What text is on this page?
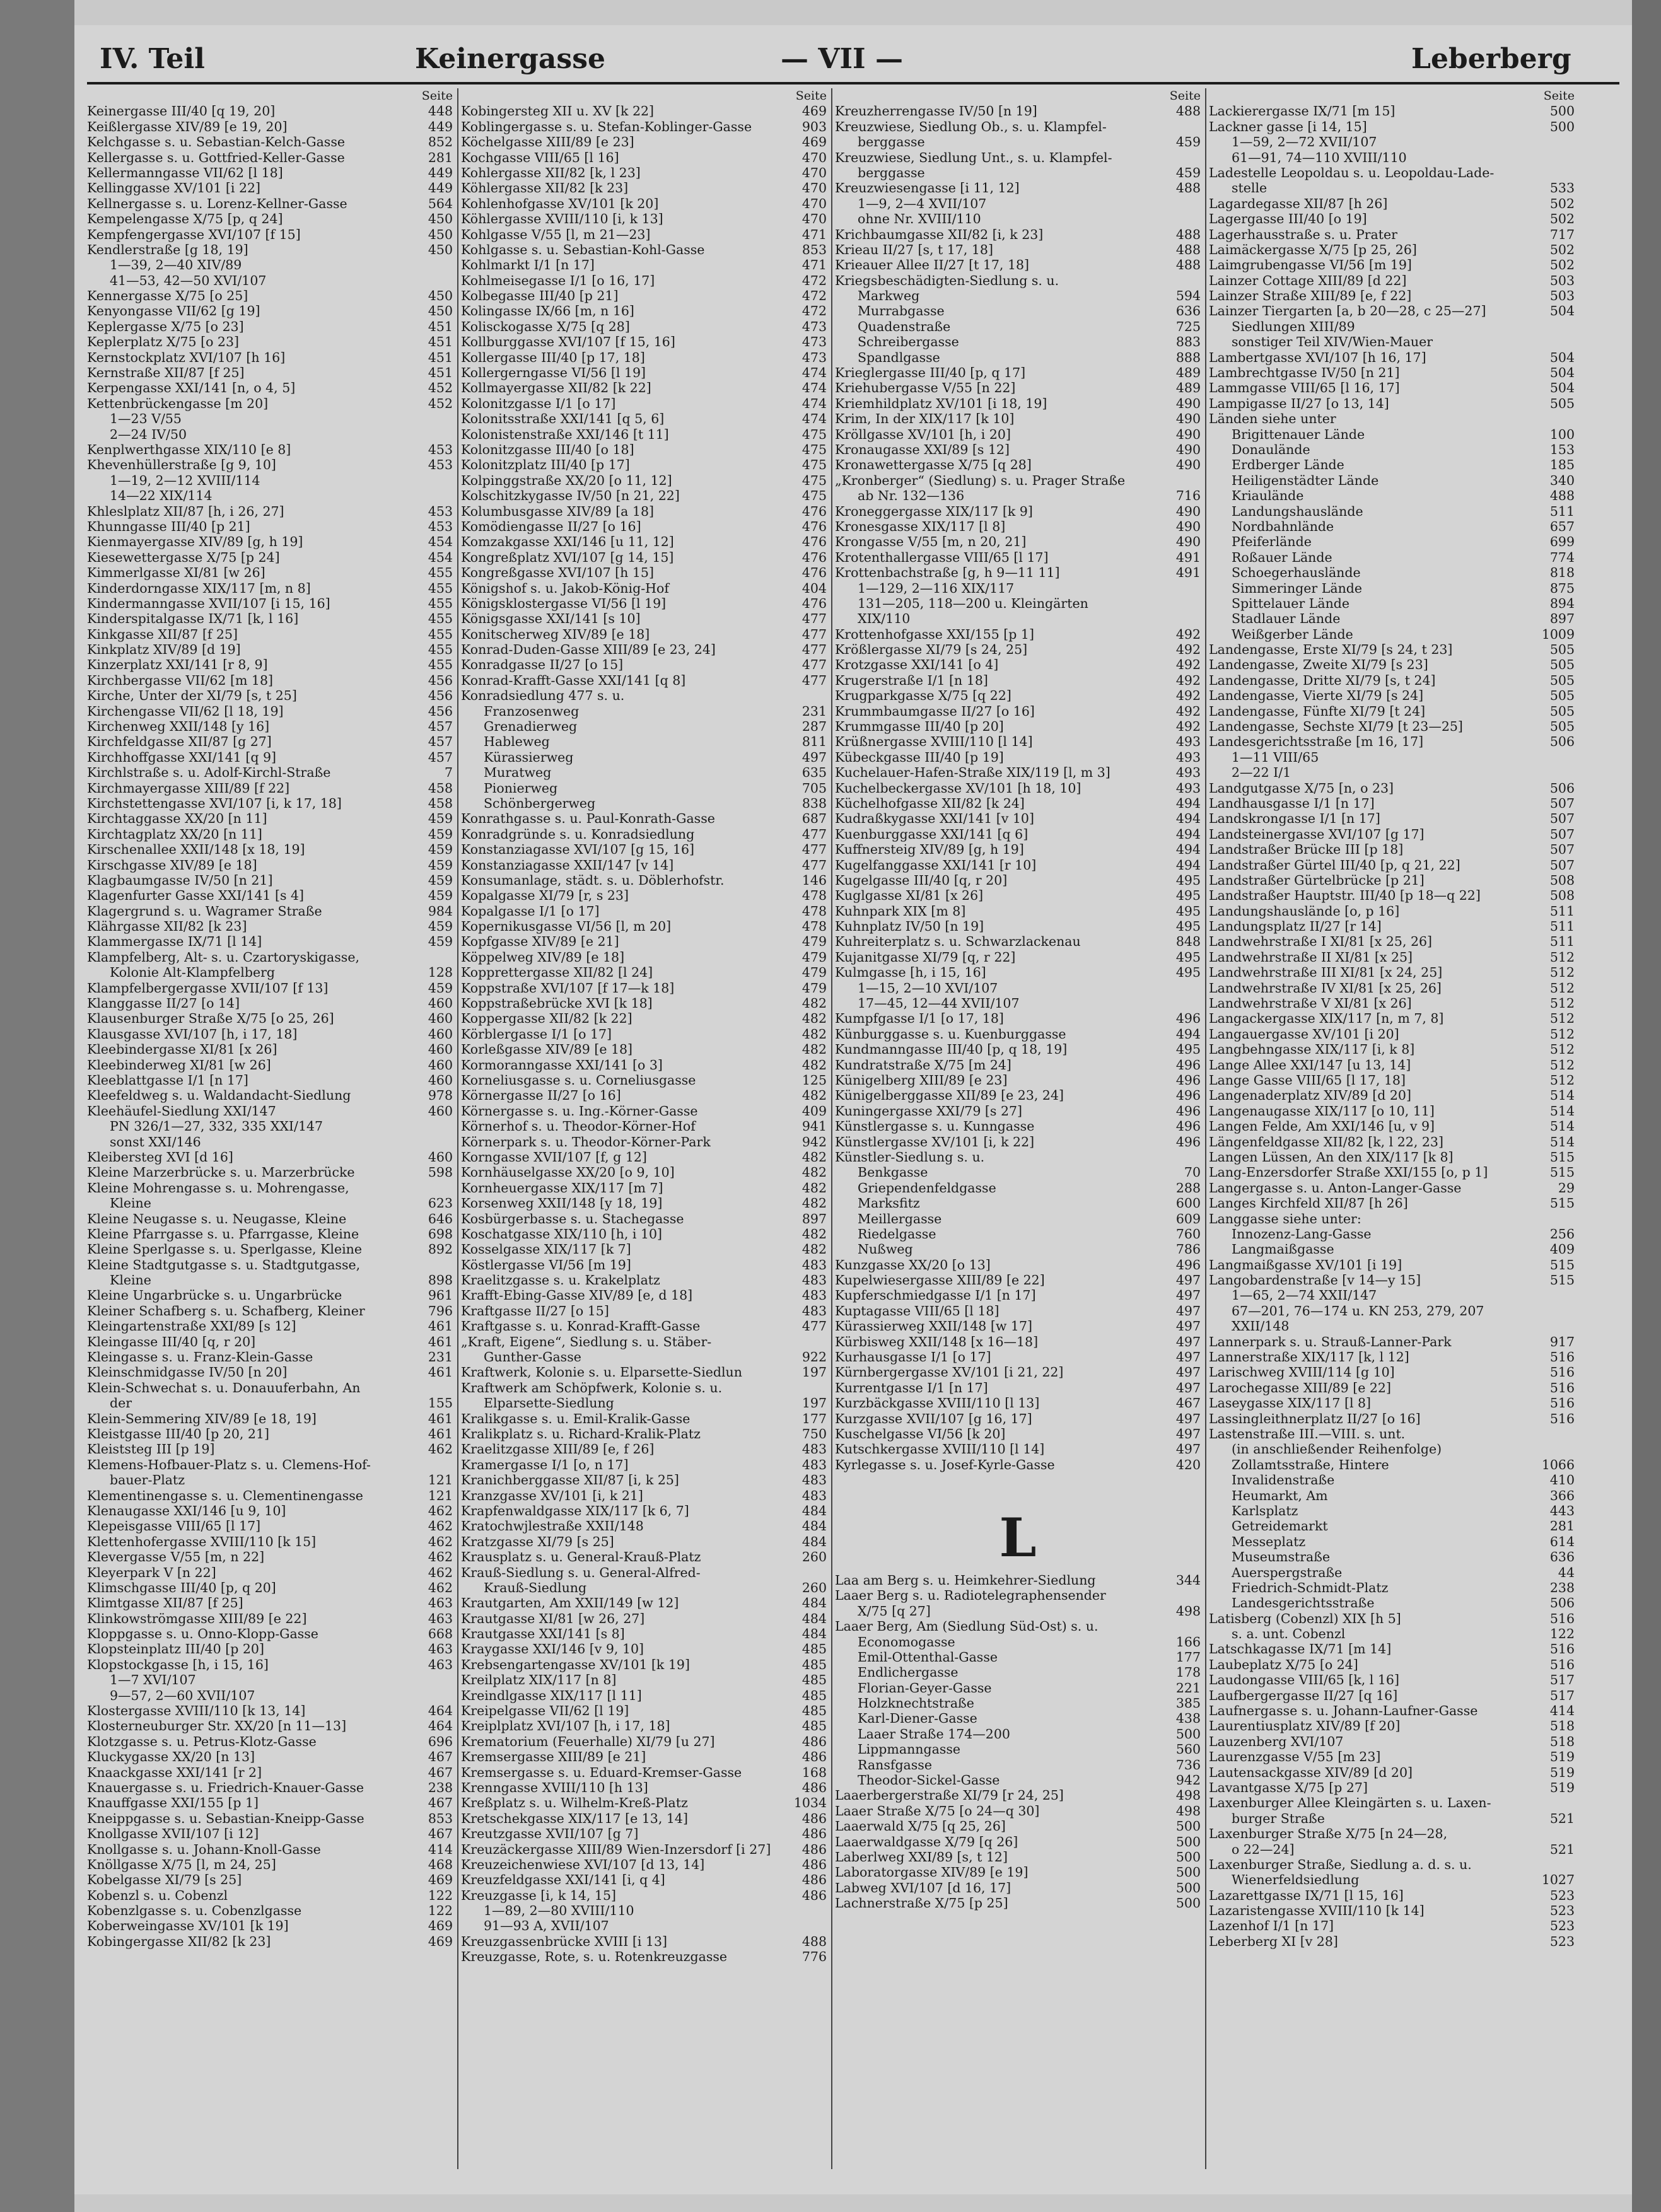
IV. Teil	Keinergasse	— VII —	Leberberg
Seite
Keinergasse III/40 [q 19, 20]	448
Keißlergasse XIV/89 [e 19, 20]	449
Kelchgasse s. u. Sebastian-Kelch-Gasse	852
Kellergasse s. u. Gottfried-Keller-Gasse	281
Kellermanngasse VII/62 [l 18]	449
Kellinggasse XV/101 [i 22]	449
Kellnergasse s. u. Lorenz-Kellner-Gasse	564
Kempelengasse X/75 [p, q 24]	450
Kempfengergasse XVI/107 [f 15]	450
Kendlerstraße [g 18, 19]	450
1—39, 2—40 XIV/89
41—53, 42—50 XVI/107
Kennergasse X/75 [o 25]	450
Kenyongasse VII/62 [g 19]	450
Keplergasse X/75 [o 23]	451
Keplerplatz X/75 [o 23]	451
Kernstockplatz XVI/107 [h 16]	451
Kernstraße XII/87 [f 25]	451
Kerpengasse XXI/141 [n, o 4, 5]	452
Kettenbrückengasse [m 20]	452
1—23 V/55
2—24 IV/50
Kenplwerthgasse XIX/110 [e 8]	453
Khevenhüllerstraße [g 9, 10]	453
1—19, 2—12 XVIII/114
14—22 XIX/114
Khleslplatz XII/87 [h, i 26, 27]	453
Khunngasse III/40 [p 21]	453
Kienmayergasse XIV/89 [g, h 19]	454
Kiesewettergasse X/75 [p 24]	454
Kimmerlgasse XI/81 [w 26]	455
Kinderdorngasse XIX/117 [m, n 8]	455
Kindermanngasse XVII/107 [i 15, 16]	455
Kinderspitalgasse IX/71 [k, l 16]	455
Kinkgasse XII/87 [f 25]	455
Kinkplatz XIV/89 [d 19]	455
Kinzerplatz XXI/141 [r 8, 9]	455
Kirchbergasse VII/62 [m 18]	456
Kirche, Unter der XI/79 [s, t 25]	456
Kirchengasse VII/62 [l 18, 19]	456
Kirchenweg XXII/148 [y 16]	457
Kirchfeldgasse XII/87 [g 27]	457
Kirchhoffgasse XXI/141 [q 9]	457
Kirchlstraße s. u. Adolf-Kirchl-Straße	7
Kirchmayergasse XIII/89 [f 22]	458
Kirchstettengasse XVI/107 [i, k 17, 18]	458
Kirchtaggasse XX/20 [n 11]	459
Kirchtagplatz XX/20 [n 11]	459
Kirschenallee XXII/148 [x 18, 19]	459
Kirschgasse XIV/89 [e 18]	459
Klagbaumgasse IV/50 [n 21]	459
Klagenfurter Gasse XXI/141 [s 4]	459
Klagergrund s. u. Wagramer Straße	984
Klährgasse XII/82 [k 23]	459
Klammergasse IX/71 [l 14]	459
Klampfelberg, Alt- s. u. Czartoryskigasse,
Kolonie Alt-Klampfelberg	128
Klampfelbergergasse XVII/107 [f 13]	459
Klanggasse II/27 [o 14]	460
Klausenburger Straße X/75 [o 25, 26]	460
Klausgasse XVI/107 [h, i 17, 18]	460
Kleebindergasse XI/81 [x 26]	460
Kleebinderweg XI/81 [w 26]	460
Kleeblattgasse I/1 [n 17]	460
Kleefeldweg s. u. Waldandacht-Siedlung	978
Kleehäufel-Siedlung XXI/147	460
PN 326/1—27, 332, 335 XXI/147
sonst XXI/146
Kleibersteg XVI [d 16]	460
Kleine Marzerbrücke s. u. Marzerbrücke	598
Kleine Mohrengasse s. u. Mohrengasse,
Kleine	623
Kleine Neugasse s. u. Neugasse, Kleine	646
Kleine Pfarrgasse s. u. Pfarrgasse, Kleine	698
Kleine Sperlgasse s. u. Sperlgasse, Kleine	892
Kleine Stadtgutgasse s. u. Stadtgutgasse,
Kleine	898
Kleine Ungarbrücke s. u. Ungarbrücke	961
Kleiner Schafberg s. u. Schafberg, Kleiner	796
Kleingartenstraße XXI/89 [s 12]	461
Kleingasse III/40 [q, r 20]	461
Kleingasse s. u. Franz-Klein-Gasse	231
Kleinschmidgasse IV/50 [n 20]	461
Klein-Schwechat s. u. Donauuferbahn, An
der	155
Klein-Semmering XIV/89 [e 18, 19]	461
Kleistgasse III/40 [p 20, 21]	461
Kleiststeg III [p 19]	462
Klemens-Hofbauer-Platz s. u. Clemens-Hof-
bauer-Platz	121
Klementinengasse s. u. Clementinengasse	121
Klenaugasse XXI/146 [u 9, 10]	462
Klepeisgasse VIII/65 [l 17]	462
Klettenhofergasse XVIII/110 [k 15]	462
Klevergasse V/55 [m, n 22]	462
Kleyerpark V [n 22]	462
Klimschgasse III/40 [p, q 20]	462
Klimtgasse XII/87 [f 25]	463
Klinkowströmgasse XIII/89 [e 22]	463
Kloppgasse s. u. Onno-Klopp-Gasse	668
Klopsteinplatz III/40 [p 20]	463
Klopstockgasse [h, i 15, 16]	463
1—7 XVI/107
9—57, 2—60 XVII/107
Klostergasse XVIII/110 [k 13, 14]	464
Klosterneuburger Str. XX/20 [n 11—13]	464
Klotzgasse s. u. Petrus-Klotz-Gasse	696
Kluckygasse XX/20 [n 13]	467
Knaackgasse XXI/141 [r 2]	467
Knauergasse s. u. Friedrich-Knauer-Gasse	238
Knauffgasse XXI/155 [p 1]	467
Kneippgasse s. u. Sebastian-Kneipp-Gasse	853
Knollgasse XVII/107 [i 12]	467
Knollgasse s. u. Johann-Knoll-Gasse	414
Knöllgasse X/75 [l, m 24, 25]	468
Kobelgasse XI/79 [s 25]	469
Kobenzl s. u. Cobenzl	122
Kobenzlgasse s. u. Cobenzlgasse	122
Koberweingasse XV/101 [k 19]	469
Kobingergasse XII/82 [k 23]	469
Seite
Kobingersteg XII u. XV [k 22]	469
Koblingergasse s. u. Stefan-Koblinger-Gasse	903
Köchelgasse XIII/89 [e 23]	469
Kochgasse VIII/65 [l 16]	470
Kohlergasse XII/82 [k, l 23]	470
Köhlergasse XII/82 [k 23]	470
Kohlenhofgasse XV/101 [k 20]	470
Köhlergasse XVIII/110 [i, k 13]	470
Kohlgasse V/55 [l, m 21—23]	471
Kohlgasse s. u. Sebastian-Kohl-Gasse	853
Kohlmarkt I/1 [n 17]	471
Kohlmeisegasse I/1 [o 16, 17]	472
Kolbegasse III/40 [p 21]	472
Kolingasse IX/66 [m, n 16]	472
Kolisckogasse X/75 [q 28]	473
Kollburggasse XVI/107 [f 15, 16]	473
Kollergasse III/40 [p 17, 18]	473
Kollergerngasse VI/56 [l 19]	474
Kollmayergasse XII/82 [k 22]	474
Kolonitzgasse I/1 [o 17]	474
Kolonitsstraße XXI/141 [q 5, 6]	474
Kolonistenstraße XXI/146 [t 11]	475
Kolonitzgasse III/40 [o 18]	475
Kolonitzplatz III/40 [p 17]	475
Kolpinggstraße XX/20 [o 11, 12]	475
Kolschitzkygasse IV/50 [n 21, 22]	475
Kolumbusgasse XIV/89 [a 18]	476
Komödiengasse II/27 [o 16]	476
Komzakgasse XXI/146 [u 11, 12]	476
Kongreßplatz XVI/107 [g 14, 15]	476
Kongreßgasse XVI/107 [h 15]	476
Königshof s. u. Jakob-König-Hof	404
Königsklostergasse VI/56 [l 19]	476
Königsgasse XXI/141 [s 10]	477
Konitscherweg XIV/89 [e 18]	477
Konrad-Duden-Gasse XIII/89 [e 23, 24]	477
Konradgasse II/27 [o 15]	477
Konrad-Krafft-Gasse XXI/141 [q 8]	477
Konradsiedlung 477 s. u.
Franzosenweg	231
Grenadierweg	287
Hableweg	811
Kürassierweg	497
Muratweg	635
Pionierweg	705
Schönbergerweg	838
Konrathgasse s. u. Paul-Konrath-Gasse	687
Konradgründe s. u. Konradsiedlung	477
Konstanziagasse XVI/107 [g 15, 16]	477
Konstanziagasse XXII/147 [v 14]	477
Konsumanlage, städt. s. u. Döblerhofstr.	146
Kopalgasse XI/79 [r, s 23]	478
Kopalgasse I/1 [o 17]	478
Kopernikusgasse VI/56 [l, m 20]	478
Kopfgasse XIV/89 [e 21]	479
Köppelweg XIV/89 [e 18]	479
Kopprettergasse XII/82 [l 24]	479
Koppstraße XVI/107 [f 17—k 18]	479
Koppstraßebrücke XVI [k 18]	482
Koppergasse XII/82 [k 22]	482
Körblergasse I/1 [o 17]	482
Korleßgasse XIV/89 [e 18]	482
Kormoranngasse XXI/141 [o 3]	482
Korneliusgasse s. u. Corneliusgasse	125
Körnergasse II/27 [o 16]	482
Körnergasse s. u. Ing.-Körner-Gasse	409
Körnerhof s. u. Theodor-Körner-Hof	941
Körnerpark s. u. Theodor-Körner-Park	942
Korngasse XVII/107 [f, g 12]	482
Kornhäuselgasse XX/20 [o 9, 10]	482
Kornheuergasse XIX/117 [m 7]	482
Korsenweg XXII/148 [y 18, 19]	482
Kosbürgerbasse s. u. Stachegasse	897
Koschatgasse XIX/110 [h, i 10]	482
Kosselgasse XIX/117 [k 7]	482
Köstlergasse VI/56 [m 19]	483
Kraelitzgasse s. u. Krakelplatz	483
Krafft-Ebing-Gasse XIV/89 [e, d 18]	483
Kraftgasse II/27 [o 15]	483
Kraftgasse s. u. Konrad-Krafft-Gasse	477
„Kraft, Eigene“, Siedlung s. u. Stäber-
Gunther-Gasse	922
Kraftwerk, Kolonie s. u. Elparsette-Siedlun	197
Kraftwerk am Schöpfwerk, Kolonie s. u.
Elparsette-Siedlung	197
Kralikgasse s. u. Emil-Kralik-Gasse	177
Kralikplatz s. u. Richard-Kralik-Platz	750
Kraelitzgasse XIII/89 [e, f 26]	483
Kramergasse I/1 [o, n 17]	483
Kranichberggasse XII/87 [i, k 25]	483
Kranzgasse XV/101 [i, k 21]	483
Krapfenwaldgasse XIX/117 [k 6, 7]	484
Kratochwjlestraße XXII/148	484
Kratzgasse XI/79 [s 25]	484
Krausplatz s. u. General-Krauß-Platz	260
Krauß-Siedlung s. u. General-Alfred-
Krauß-Siedlung	260
Krautgarten, Am XXII/149 [w 12]	484
Krautgasse XI/81 [w 26, 27]	484
Krautgasse XXI/141 [s 8]	484
Kraygasse XXI/146 [v 9, 10]	485
Krebsengartengasse XV/101 [k 19]	485
Kreilplatz XIX/117 [n 8]	485
Kreindlgasse XIX/117 [l 11]	485
Kreipelgasse VII/62 [l 19]	485
Kreiplplatz XVI/107 [h, i 17, 18]	485
Krematorium (Feuerhalle) XI/79 [u 27]	486
Kremsergasse XIII/89 [e 21]	486
Kremsergasse s. u. Eduard-Kremser-Gasse	168
Krenngasse XVIII/110 [h 13]	486
Kreßplatz s. u. Wilhelm-Kreß-Platz	1034
Kretschekgasse XIX/117 [e 13, 14]	486
Kreutzgasse XVII/107 [g 7]	486
Kreuzäckergasse XIII/89 Wien-Inzersdorf [i 27]	486
Kreuzeichenwiese XVI/107 [d 13, 14]	486
Kreuzfeldgasse XXI/141 [i, q 4]	486
Kreuzgasse [i, k 14, 15]	486
1—89, 2—80 XVIII/110
91—93 A, XVII/107
Kreuzgassenbrücke XVIII [i 13]	488
Kreuzgasse, Rote, s. u. Rotenkreuzgasse	776
Seite
Kreuzherrengasse IV/50 [n 19]	488
Kreuzwiese, Siedlung Ob., s. u. Klampfel-
berggasse	459
Kreuzwiese, Siedlung Unt., s. u. Klampfel-
berggasse	459
Kreuzwiesengasse [i 11, 12]	488
1—9, 2—4 XVII/107
ohne Nr. XVIII/110
Krichbaumgasse XII/82 [i, k 23]	488
Krieau II/27 [s, t 17, 18]	488
Krieauer Allee II/27 [t 17, 18]	488
Kriegsbeschädigten-Siedlung s. u.
Markweg	594
Murrabgasse	636
Quadenstraße	725
Schreibergasse	883
Spandlgasse	888
Krieglergasse III/40 [p, q 17]	489
Kriehubergasse V/55 [n 22]	489
Kriemhildplatz XV/101 [i 18, 19]	490
Krim, In der XIX/117 [k 10]	490
Kröllgasse XV/101 [h, i 20]	490
Kronaugasse XXI/89 [s 12]	490
Kronawettergasse X/75 [q 28]	490
„Kronberger“ (Siedlung) s. u. Prager Straße
ab Nr. 132—136	716
Kroneggergasse XIX/117 [k 9]	490
Kronesgasse XIX/117 [l 8]	490
Krongasse V/55 [m, n 20, 21]	490
Krotenthallergasse VIII/65 [l 17]	491
Krottenbachstraße [g, h 9—11 11]	491
1—129, 2—116 XIX/117
131—205, 118—200 u. Kleingärten
XIX/110
Krottenhofgasse XXI/155 [p 1]	492
Krößlergasse XI/79 [s 24, 25]	492
Krotzgasse XXI/141 [o 4]	492
Krugerstraße I/1 [n 18]	492
Krugparkgasse X/75 [q 22]	492
Krummbaumgasse II/27 [o 16]	492
Krummgasse III/40 [p 20]	492
Krüßnergasse XVIII/110 [l 14]	493
Kübeckgasse III/40 [p 19]	493
Kuchelauer-Hafen-Straße XIX/119 [l, m 3]	493
Kuchelbeckergasse XV/101 [h 18, 10]	493
Küchelhofgasse XII/82 [k 24]	494
Kudraßkygasse XXI/141 [v 10]	494
Kuenburggasse XXI/141 [q 6]	494
Kuffnersteig XIV/89 [g, h 19]	494
Kugelfanggasse XXI/141 [r 10]	494
Kugelgasse III/40 [q, r 20]	495
Kuglgasse XI/81 [x 26]	495
Kuhnpark XIX [m 8]	495
Kuhnplatz IV/50 [n 19]	495
Kuhreiterplatz s. u. Schwarzlackenau	848
Kujanitgasse XI/79 [q, r 22]	495
Kulmgasse [h, i 15, 16]	495
1—15, 2—10 XVI/107
17—45, 12—44 XVII/107
Kumpfgasse I/1 [o 17, 18]	496
Künburggasse s. u. Kuenburggasse	494
Kundmanngasse III/40 [p, q 18, 19]	495
Kundratstraße X/75 [m 24]	496
Künigelberg XIII/89 [e 23]	496
Künigelberggasse XII/89 [e 23, 24]	496
Kuningergasse XXI/79 [s 27]	496
Künstlergasse s. u. Kunngasse	496
Künstlergasse XV/101 [i, k 22]	496
Künstler-Siedlung s. u.
Benkgasse	70
Griependenfeldgasse	288
Marksfitz	600
Meillergasse	609
Riedelgasse	760
Nußweg	786
Kunzgasse XX/20 [o 13]	496
Kupelwiesergasse XIII/89 [e 22]	497
Kupferschmiedgasse I/1 [n 17]	497
Kuptagasse VIII/65 [l 18]	497
Kürassierweg XXII/148 [w 17]	497
Kürbisweg XXII/148 [x 16—18]	497
Kurhausgasse I/1 [o 17]	497
Kürnbergergasse XV/101 [i 21, 22]	497
Kurrentgasse I/1 [n 17]	497
Kurzbäckgasse XVIII/110 [l 13]	467
Kurzgasse XVII/107 [g 16, 17]	497
Kuschelgasse VI/56 [k 20]	497
Kutschkergasse XVIII/110 [l 14]	497
Kyrlegasse s. u. Josef-Kyrle-Gasse	420
L
Laa am Berg s. u. Heimkehrer-Siedlung	344
Laaer Berg s. u. Radiotelegraphensender
X/75 [q 27]	498
Laaer Berg, Am (Siedlung Süd-Ost) s. u.
Economogasse	166
Emil-Ottenthal-Gasse	177
Endlichergasse	178
Florian-Geyer-Gasse	221
Holzknechtstraße	385
Karl-Diener-Gasse	438
Laaer Straße 174—200	500
Lippmanngasse	560
Ransfgasse	736
Theodor-Sickel-Gasse	942
Laaerbergerstraße XI/79 [r 24, 25]	498
Laaer Straße X/75 [o 24—q 30]	498
Laaerwald X/75 [q 25, 26]	500
Laaerwaldgasse X/79 [q 26]	500
Laberlweg XXI/89 [s, t 12]	500
Laboratorgasse XIV/89 [e 19]	500
Labweg XVI/107 [d 16, 17]	500
Lachnerstraße X/75 [p 25]	500
Seite
Lackierergasse IX/71 [m 15]	500
Lackner gasse [i 14, 15]	500
1—59, 2—72 XVII/107
61—91, 74—110 XVIII/110
Ladestelle Leopoldau s. u. Leopoldau-Lade-
stelle	533
Lagardegasse XII/87 [h 26]	502
Lagergasse III/40 [o 19]	502
Lagerhausstraße s. u. Prater	717
Laimäckergasse X/75 [p 25, 26]	502
Laimgrubengasse VI/56 [m 19]	502
Lainzer Cottage XIII/89 [d 22]	503
Lainzer Straße XIII/89 [e, f 22]	503
Lainzer Tiergarten [a, b 20—28, c 25—27]	504
Siedlungen XIII/89
sonstiger Teil XIV/Wien-Mauer
Lambertgasse XVI/107 [h 16, 17]	504
Lambrechtgasse IV/50 [n 21]	504
Lammgasse VIII/65 [l 16, 17]	504
Lampigasse II/27 [o 13, 14]	505
Länden siehe unter
Brigittenauer Lände	100
Donaulände	153
Erdberger Lände	185
Heiligenstädter Lände	340
Kriaulände	488
Landungshauslände	511
Nordbahnlände	657
Pfeiferlände	699
Roßauer Lände	774
Schoegerhauslände	818
Simmeringer Lände	875
Spittelauer Lände	894
Stadlauer Lände	897
Weißgerber Lände	1009
Landengasse, Erste XI/79 [s 24, t 23]	505
Landengasse, Zweite XI/79 [s 23]	505
Landengasse, Dritte XI/79 [s, t 24]	505
Landengasse, Vierte XI/79 [s 24]	505
Landengasse, Fünfte XI/79 [t 24]	505
Landengasse, Sechste XI/79 [t 23—25]	505
Landesgerichtsstraße [m 16, 17]	506
1—11 VIII/65
2—22 I/1
Landgutgasse X/75 [n, o 23]	506
Landhausgasse I/1 [n 17]	507
Landskrongasse I/1 [n 17]	507
Landsteinergasse XVI/107 [g 17]	507
Landstraßer Brücke III [p 18]	507
Landstraßer Gürtel III/40 [p, q 21, 22]	507
Landstraßer Gürtelbrücke [p 21]	508
Landstraßer Hauptstr. III/40 [p 18—q 22]	508
Landungshauslände [o, p 16]	511
Landungsplatz II/27 [r 14]	511
Landwehrstraße I XI/81 [x 25, 26]	511
Landwehrstraße II XI/81 [x 25]	512
Landwehrstraße III XI/81 [x 24, 25]	512
Landwehrstraße IV XI/81 [x 25, 26]	512
Landwehrstraße V XI/81 [x 26]	512
Langackergasse XIX/117 [n, m 7, 8]	512
Langauergasse XV/101 [i 20]	512
Langbehngasse XIX/117 [i, k 8]	512
Lange Allee XXI/147 [u 13, 14]	512
Lange Gasse VIII/65 [l 17, 18]	512
Langenaderplatz XIV/89 [d 20]	514
Langenaugasse XIX/117 [o 10, 11]	514
Langen Felde, Am XXI/146 [u, v 9]	514
Längenfeldgasse XII/82 [k, l 22, 23]	514
Langen Lüssen, An den XIX/117 [k 8]	515
Lang-Enzersdorfer Straße XXI/155 [o, p 1]	515
Langergasse s. u. Anton-Langer-Gasse	29
Langes Kirchfeld XII/87 [h 26]	515
Langgasse siehe unter:
Innozenz-Lang-Gasse	256
Langmaißgasse	409
Langmaißgasse XV/101 [i 19]	515
Langobardenstraße [v 14—y 15]	515
1—65, 2—74 XXII/147
67—201, 76—174 u. KN 253, 279, 207
XXII/148
Lannerpark s. u. Strauß-Lanner-Park	917
Lannerstraße XIX/117 [k, l 12]	516
Larischweg XVIII/114 [g 10]	516
Larochegasse XIII/89 [e 22]	516
Laseygasse XIX/117 [l 8]	516
Lassingleithnerplatz II/27 [o 16]	516
Lastenstraße III.—VIII. s. unt.
(in anschließender Reihenfolge)
Zollamtsstraße, Hintere	1066
Invalidenstraße	410
Heumarkt, Am	366
Karlsplatz	443
Getreidemarkt	281
Messeplatz	614
Museumstraße	636
Auerspergstraße	44
Friedrich-Schmidt-Platz	238
Landesgerichtsstraße	506
Latisberg (Cobenzl) XIX [h 5]	516
s. a. unt. Cobenzl	122
Latschkagasse IX/71 [m 14]	516
Laubeplatz X/75 [o 24]	516
Laudongasse VIII/65 [k, l 16]	517
Laufbergergasse II/27 [q 16]	517
Laufnergasse s. u. Johann-Laufner-Gasse	414
Laurentiusplatz XIV/89 [f 20]	518
Lauzenberg XVI/107	518
Laurenzgasse V/55 [m 23]	519
Lautensackgasse XIV/89 [d 20]	519
Lavantgasse X/75 [p 27]	519
Laxenburger Allee Kleingärten s. u. Laxen-
burger Straße	521
Laxenburger Straße X/75 [n 24—28,
o 22—24]	521
Laxenburger Straße, Siedlung a. d. s. u.
Wienerfeldsiedlung	1027
Lazarettgasse IX/71 [l 15, 16]	523
Lazaristengasse XVIII/110 [k 14]	523
Lazenhof I/1 [n 17]	523
Leberberg XI [v 28]	523
